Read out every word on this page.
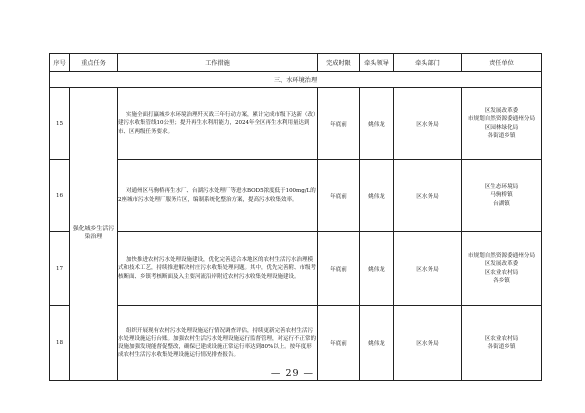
序号	重点任务	工作措施	完成时限	牵头领导	牵头部门	责任单位
三、水环境治理						
15	强化城乡生活污染治理	实施全面打赢城乡水环境治理歼灭战三年行动方案，累计完成市级下达新（改）建污水收集管线10公里；提升再生水利用能力，2024年全区再生水利用量达到市、区两级任务要求。	年底前	姚伟龙	区水务局	区发展改革委
市规划自然资源委通州分局
区园林绿化局
各街道乡镇

16		对通州区马驹桥再生水厂、台湖污水处理厂等进水BOD5浓度低于100mg/L的2座城市污水处理厂服务片区，编制系统化整治方案，提高污水收集效率。	年底前	姚伟龙	区水务局	区生态环境局
马驹桥镇
台湖镇

17		加快推进农村污水处理设施建设，优化完善适合本地区的农村生活污水治理模式和技术工艺，持续推进解决村庄污水收集处理问题。其中，优先完善附、市级考核断面、乡镇考核断面及入主要河流沿岸附近农村污水收集处理设施建设。	年底前	姚伟龙	区水务局	市规划自然资源委通州分局
区发展改革委
区农业农村局
各乡镇

18		组织开展现有农村污水处理设施运行情况调查评估，持续更新完善农村生活污水处理设施运行台账。加强农村生活污水处理设施运行监督管理，对运行不正常的设施加强发现能督促整改，确保已建成设施正常运行率达到80%以上。按年度形成农村生活污水收集处理设施运行情况排查报告。	年底前	姚伟龙	区水务局	区农业农村局
各街道乡镇
— 29 —
